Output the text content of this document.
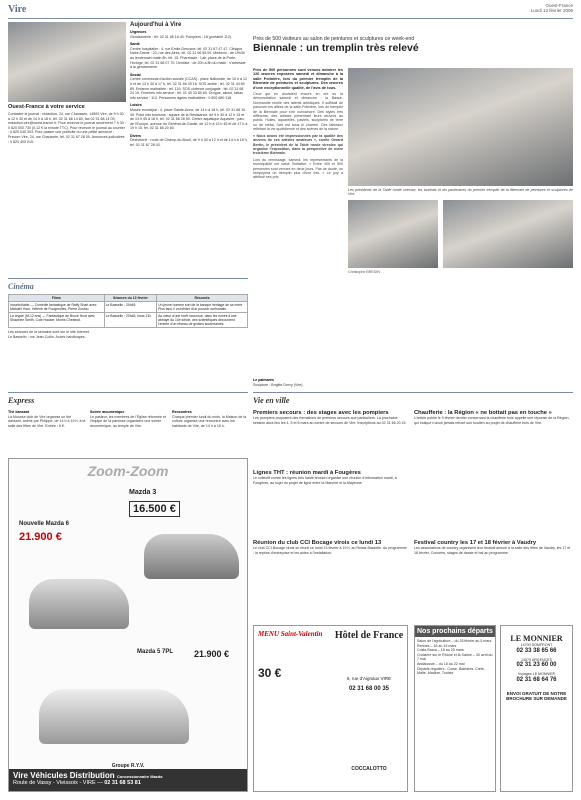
Vire	Ouest-France
Lundi 13 février 2006
Ouest-France à votre service
Contacter le journal : rédaction, 24, rue Chaussée, 14500 Vire, de 9 h 30 à 12 h 30 et de 14 h à 18 h, tél. 02 31 66 14 80, fax 02 31 68 14 09, redaction.vire@ouest-france.fr. Pour recevoir le journal seulement 7 h 30 : 0 820 000 730 (0,12 € la minute TTC). Pour recevoir le journal au courrier : 0 820 040 303. Pour passer une publicité ou une petite annonce : Precom Vire, 24, rue Chaussée, tél. 02 31 67 28 00. Annonces judiciaires : 0 820 400 015.
Aujourd'hui à Vire
Urgences
Gendarmerie : tél. 02 31 66 16 40. Pompiers : 18 (portable 112).
Santé
Centre hospitalier : 4, rue Emile-Desvaux, tél. 02 31 67 47 47. Clinique Notre-Dame : 23, rue des Aires, tél. 02 31 66 55 00. Médecin : de 19h30 au lendemain matin 8h, tél. 15. Pharmacie : Lair, place de la Porte-Horloge, tél. 02 31 68 07 70. Dentiste : de 20h à 8h du matin : s'adresser à la gendarmerie.
Social
Centre communal d'action sociale (CCAS) : place Nationale, de 10 h à 12 h et de 13 h 30 à 17 h, tél. 02 31 66 35 16. SOS amitié : tél. 02 31 44 89 89. Enfance maltraitée : tél. 119. SOS violence conjugale : tél. 02 31 68 24 19. Femmes info service : tél. 01 40 33 80 60. Drogue, alcool, tabac info service : 113. Personnes âgées maltraitées : 0 892 680 118.
Loisirs
Musée municipal : 4, place Sainte-Anne, de 14 h à 18 h, tél. 02 31 68 10 49. Point info tourisme : square de la Résistance, de 9 h 30 à 12 h 15 et de 13 h 45 à 18 h, tél. 02 31 66 28 50. Centre aquatique Aquavire : parc de l'Europe, avenue du Général-de-Gaulle, de 12 h à 13 h 45 et de 17 h à 19 h 15, tél. 02 31 66 20 60.
Divers
Déchèterie : route de Champ-du-Boult, de 9 h 30 à 12 h et de 14 h à 18 h, tél. 02 31 67 28 43.
Près de 500 visiteurs au salon de peintures et sculptures ce week-end
Biennale : un tremplin très relevé

Près de 500 personnes sont venues admirer les 126 œuvres exposées samedi et dimanche à la salle Polinière, lors du premier tremplin de la Biennale de peintures et sculptures. Des œuvres d'une exceptionnelle qualité, de l'avis de tous.

Ceux qui en doutaient encore en ont eu la démonstration samedi et dimanche : la Basse-Normandie recèle des talents artistiques. Il suffisait de parcourir les allées de la salle Polinière, lors du tremplin de la Biennale pour s'en convaincre. Des styles très différents, des artistes présentant leurs œuvres au public. Huiles, aquarelles, pastels, sculptures de terre ou de métal, l'œil est sous le charme. Des tableaux reflétant la vie quotidienne et des scènes de la nature.

« Nous avons été impressionnés par la qualité des œuvres de ces artistes amateurs », confie Gérard Bertin, le président de la Table ronde vireoise qui organise l'exposition, dans la perspective de notre troisième Biennale.

Lors du vernissage, samedi, les représentants de la municipalité ont salué l'initiative. « Entre 400 et 500 personnes sont venues en deux jours. Pas de doute, on rééquipera un tremplin plus d'une fois. » Le jury a attribué ses prix.

Les présidents de la Table ronde vireoise, les lauréats et les partenaires du premier tremplin de la Biennale de peintures et sculptures de Vire.

Christophe BREDIN
Le palmarès
Sculpture : Brigitte Dervy (Vire).
Cinéma
Films	Séances du 13 février	Résumés
Incontrôlable — Comédie fantastique de Raffy Shart avec Michaël Youn, Hélène de Fougerolles, Pierre Zoulou.	Le Basselin : 20h45	Un jeune homme sort de la banque héritage de sa mère. Plus tard, il va hériter d'un pouvoir surhumain.
La crypte (M-12 ans) — Fantastique de Bruce Hunt avec Shawnee Smith, Cole Hauser, Morris Chestnut.	Le Basselin : 20h45, Imax 21h	Au cœur d'une forêt inconnue, dans les ruines d'une abbaye du 10e siècle, des scientifiques découvrent l'entrée d'un réseau de grottes souterraines.
Les séances de la semaine sont sur le site Internet.
Le Basselin : rue Jean-Collin. Accès handicapés.
Express
Thé dansant
La Mousse club de Vire organise un thé dansant, animé par Philippe, de 14 h à 19 h, à la salle des fêtes de Vire. Entrée : 8 €.
Soirée œcuménique
Le pasteur, les membres de l'Église réformée et l'équipe de la paroisse organisent une soirée œcuménique, au temple de Vire.
Rencontres
Chaque premier lundi du mois, la Maison de la culture organise une rencontre avec les habitants de Vire, de 14 h à 16 h.
Zoom-Zoom
Mazda 3
16.500 €
Nouvelle Mazda 6
21.900 €
Mazda 5 7PL 21.900 €
Groupe R.Y.V.
Vire Véhicules Distribution Concessionnaire Mazda
Route de Vassy - Vieissoix - VIRE — 02 31 68 53 81
Vie en ville
Premiers secours : des stages avec les pompiers
Les pompiers proposent des formations de premiers secours aux particuliers. La prochaine session aura lieu les 4, 5 et 6 mars au centre de secours de Vire. Inscriptions au 02 31 66 20 15.
Lignes THT : réunion mardi à Fougères
Le collectif contre les lignes très haute tension organise une réunion d'information mardi, à Fougères, au sujet du projet de ligne entre la Manche et la Mayenne.
Réunion du club CCI Bocage virois ce lundi 13
Le club CCI Bocage virois se réunit ce lundi 13 février à 19 h, au Relais Basselin. Au programme : la reprise d'entreprise et les aides à l'installation.
Chaufferie : la Région « ne bottait pas en touche »
L'article publié le 9 février dernier concernant la chaufferie bois appelle une réponse de la Région, qui indique n'avoir jamais refusé son soutien au projet de chaufferie bois de Vire.
Festival country les 17 et 18 février à Vaudry
Les associations de country organisent leur festival annuel à la salle des fêtes de Vaudry, les 17 et 18 février. Concerts, stages de danse et bal au programme.
MENU Saint-Valentin
30 €
Hôtel de France
6, rue d'Aignaux VIRE
02 31 68 00 35
COCCALOTTO
Nos prochains départs
Salon de l'agriculture – du 25 février au 5 mars
Rennes – 18 au 19 mars
Costa Brava – 18 au 25 mars
Croisière sur le Rhône et la Saône – 30 avril au 7 mai
Andalousie – du 15 au 22 mai
Départs réguliers : Corse, Baléares, Crète, Malte, Madère, Tunisie
LE MONNIER
14700 DOMFRONT
02 33 38 65 66
14570 ARGENCES
02 31 23 60 00
Voyages LE MONNIER
02 31 68 64 76
ENVOI GRATUIT DE NOTRE BROCHURE SUR DEMANDE
